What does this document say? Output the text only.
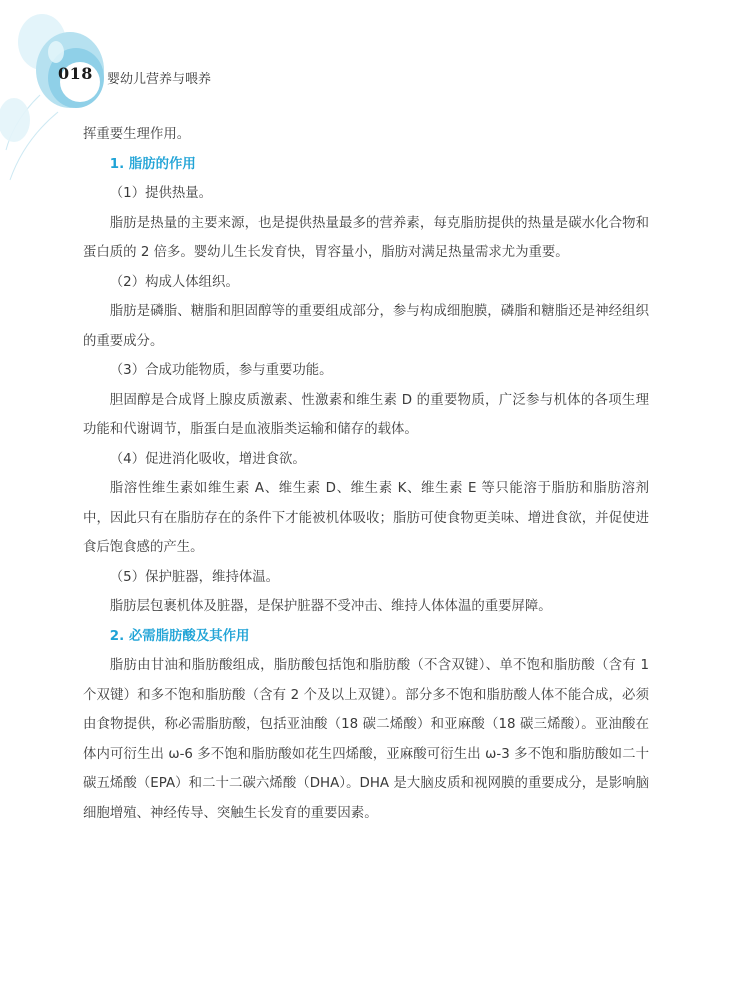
018 婴幼儿营养与喂养

挥重要生理作用。

1. 脂肪的作用

（1）提供热量。

脂肪是热量的主要来源，也是提供热量最多的营养素，每克脂肪提供的热量是碳水化合物和蛋白质的 2 倍多。婴幼儿生长发育快，胃容量小，脂肪对满足热量需求尤为重要。

（2）构成人体组织。

脂肪是磷脂、糖脂和胆固醇等的重要组成部分，参与构成细胞膜，磷脂和糖脂还是神经组织的重要成分。

（3）合成功能物质，参与重要功能。

胆固醇是合成肾上腺皮质激素、性激素和维生素 D 的重要物质，广泛参与机体的各项生理功能和代谢调节，脂蛋白是血液脂类运输和储存的载体。

（4）促进消化吸收，增进食欲。

脂溶性维生素如维生素 A、维生素 D、维生素 K、维生素 E 等只能溶于脂肪和脂肪溶剂中，因此只有在脂肪存在的条件下才能被机体吸收；脂肪可使食物更美味、增进食欲，并促使进食后饱食感的产生。

（5）保护脏器，维持体温。

脂肪层包裹机体及脏器，是保护脏器不受冲击、维持人体体温的重要屏障。

2. 必需脂肪酸及其作用

脂肪由甘油和脂肪酸组成，脂肪酸包括饱和脂肪酸（不含双键）、单不饱和脂肪酸（含有 1 个双键）和多不饱和脂肪酸（含有 2 个及以上双键）。部分多不饱和脂肪酸人体不能合成，必须由食物提供，称必需脂肪酸，包括亚油酸（18 碳二烯酸）和亚麻酸（18 碳三烯酸）。亚油酸在体内可衍生出 ω-6 多不饱和脂肪酸如花生四烯酸，亚麻酸可衍生出 ω-3 多不饱和脂肪酸如二十碳五烯酸（EPA）和二十二碳六烯酸（DHA）。DHA 是大脑皮质和视网膜的重要成分，是影响脑细胞增殖、神经传导、突触生长发育的重要因素。
